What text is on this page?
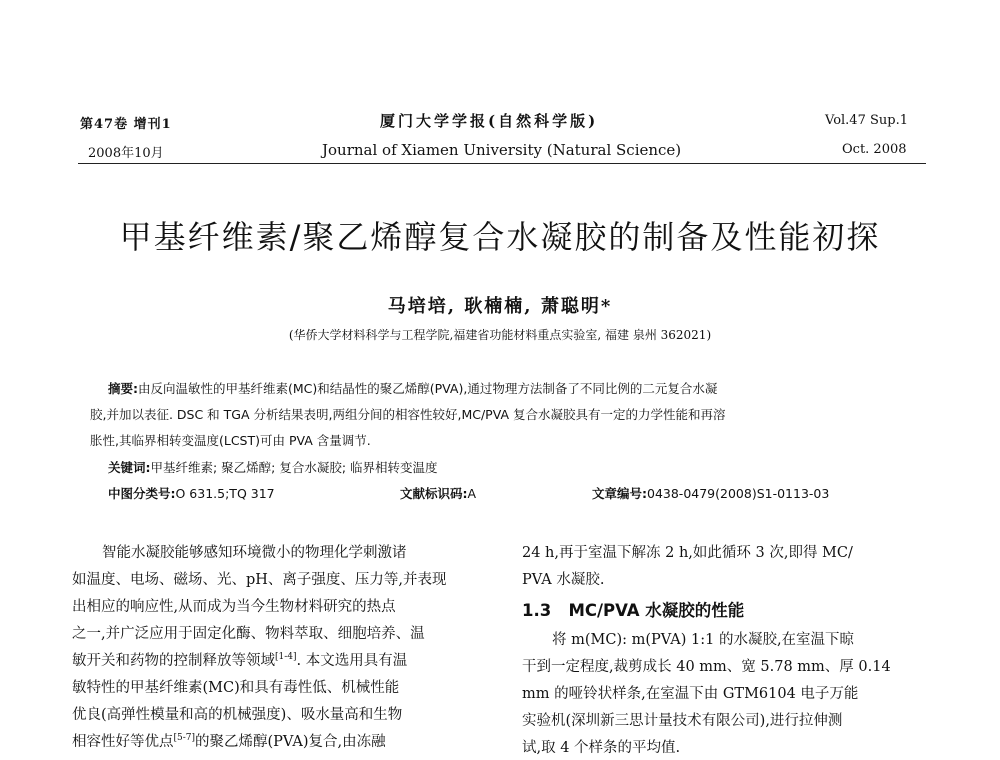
第47卷 增刊1
2008年10月
厦门大学学报(自然科学版)
Journal of Xiamen University (Natural Science)
Vol.47 Sup.1
Oct. 2008
甲基纤维素/聚乙烯醇复合水凝胶的制备及性能初探
马培培, 耿楠楠, 萧聪明*
(华侨大学材料科学与工程学院,福建省功能材料重点实验室, 福建 泉州 362021)
摘要:由反向温敏性的甲基纤维素(MC)和结晶性的聚乙烯醇(PVA),通过物理方法制备了不同比例的二元复合水凝
胶,并加以表征. DSC 和 TGA 分析结果表明,两组分间的相容性较好,MC/PVA 复合水凝胶具有一定的力学性能和再溶
胀性,其临界相转变温度(LCST)可由 PVA 含量调节.
关键词:甲基纤维素; 聚乙烯醇; 复合水凝胶; 临界相转变温度
中图分类号:O 631.5;TQ 317	文献标识码:A	文章编号:0438-0479(2008)S1-0113-03
智能水凝胶能够感知环境微小的物理化学刺激诸
如温度、电场、磁场、光、pH、离子强度、压力等,并表现
出相应的响应性,从而成为当今生物材料研究的热点
之一,并广泛应用于固定化酶、物料萃取、细胞培养、温
敏开关和药物的控制释放等领域[1-4]. 本文选用具有温
敏特性的甲基纤维素(MC)和具有毒性低、机械性能
优良(高弹性模量和高的机械强度)、吸水量高和生物
相容性好等优点[5-7]的聚乙烯醇(PVA)复合,由冻融
24 h,再于室温下解冻 2 h,如此循环 3 次,即得 MC/
PVA 水凝胶.
1.3 MC/PVA 水凝胶的性能
将 m(MC): m(PVA) 1:1 的水凝胶,在室温下晾
干到一定程度,裁剪成长 40 mm、宽 5.78 mm、厚 0.14
mm 的哑铃状样条,在室温下由 GTM6104 电子万能
实验机(深圳新三思计量技术有限公司),进行拉伸测
试,取 4 个样条的平均值.
